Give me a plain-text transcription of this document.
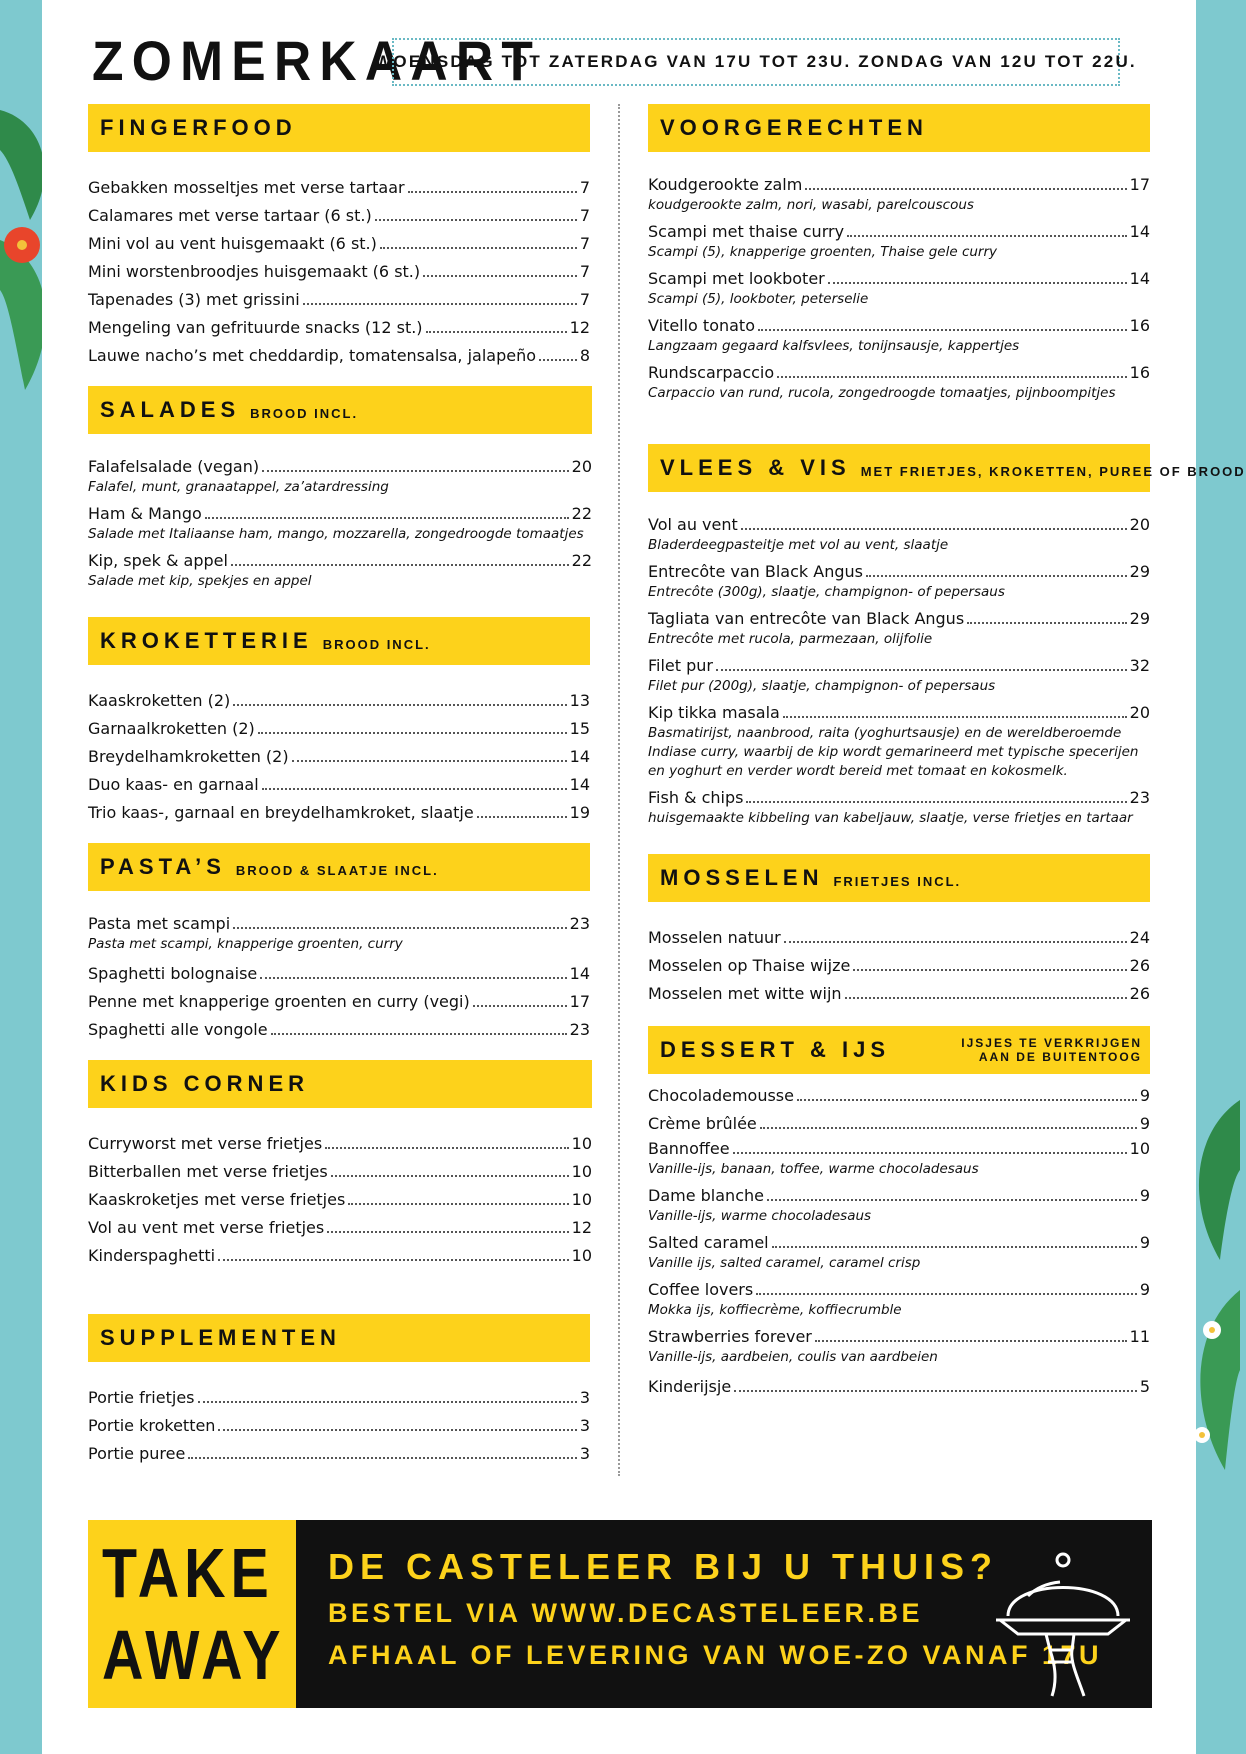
ZOMERKAART
WOENSDAG TOT ZATERDAG VAN 17U TOT 23U. ZONDAG VAN 12U TOT 22U.
FINGERFOOD
Gebakken mosseltjes met verse tartaar	7
Calamares met verse tartaar (6 st.)	7
Mini vol au vent huisgemaakt (6 st.)	7
Mini worstenbroodjes huisgemaakt (6 st.)	7
Tapenades (3) met grissini	7
Mengeling van gefrituurde snacks (12 st.)	12
Lauwe nacho’s met cheddardip, tomatensalsa, jalapeño	8
SALADES BROOD INCL.
Falafelsalade (vegan)	20
Falafel, munt, granaatappel, za’atardressing
Ham & Mango	22
Salade met Italiaanse ham, mango, mozzarella, zongedroogde tomaatjes
Kip, spek & appel	22
Salade met kip, spekjes en appel
KROKETTERIE BROOD INCL.
Kaaskroketten (2)	13
Garnaalkroketten (2)	15
Breydelhamkroketten (2)	14
Duo kaas- en garnaal	14
Trio kaas-, garnaal en breydelhamkroket, slaatje	19
PASTA’S BROOD & SLAATJE INCL.
Pasta met scampi	23
Pasta met scampi, knapperige groenten, curry
Spaghetti bolognaise	14
Penne met knapperige groenten en curry (vegi)	17
Spaghetti alle vongole	23
KIDS CORNER
Curryworst met verse frietjes	10
Bitterballen met verse frietjes	10
Kaaskroketjes met verse frietjes	10
Vol au vent met verse frietjes	12
Kinderspaghetti	10
SUPPLEMENTEN
Portie frietjes	3
Portie kroketten	3
Portie puree	3
VOORGERECHTEN
Koudgerookte zalm	17
koudgerookte zalm, nori, wasabi, parelcouscous
Scampi met thaise curry	14
Scampi (5), knapperige groenten, Thaise gele curry
Scampi met lookboter	14
Scampi (5), lookboter, peterselie
Vitello tonato	16
Langzaam gegaard kalfsvlees, tonijnsausje, kappertjes
Rundscarpaccio	16
Carpaccio van rund, rucola, zongedroogde tomaatjes, pijnboompitjes
VLEES & VIS MET FRIETJES, KROKETTEN, PUREE OF BROOD
Vol au vent	20
Bladerdeegpasteitje met vol au vent, slaatje
Entrecôte van Black Angus	29
Entrecôte (300g), slaatje, champignon- of pepersaus
Tagliata van entrecôte van Black Angus	29
Entrecôte met rucola, parmezaan, olijfolie
Filet pur	32
Filet pur (200g), slaatje, champignon- of pepersaus
Kip tikka masala	20
Basmatirijst, naanbrood, raita (yoghurtsausje) en de wereldberoemde Indiase curry, waarbij de kip wordt gemarineerd met typische specerijen en yoghurt en verder wordt bereid met tomaat en kokosmelk.
Fish & chips	23
huisgemaakte kibbeling van kabeljauw, slaatje, verse frietjes en tartaar
MOSSELEN FRIETJES INCL.
Mosselen natuur	24
Mosselen op Thaise wijze	26
Mosselen met witte wijn	26
DESSERT & IJS	IJSJES TE VERKRIJGEN
AAN DE BUITENTOOG
Chocolademousse	9
Crème brûlée	9
Bannoffee	10
Vanille-ijs, banaan, toffee, warme chocoladesaus
Dame blanche	9
Vanille-ijs, warme chocoladesaus
Salted caramel	9
Vanille ijs, salted caramel, caramel crisp
Coffee lovers	9
Mokka ijs, koffiecrème, koffiecrumble
Strawberries forever	11
Vanille-ijs, aardbeien, coulis van aardbeien
Kinderijsje	5
TAKE
AWAY
DE CASTELEER BIJ U THUIS?
BESTEL VIA WWW.DECASTELEER.BE
AFHAAL OF LEVERING VAN WOE-ZO VANAF 17U
